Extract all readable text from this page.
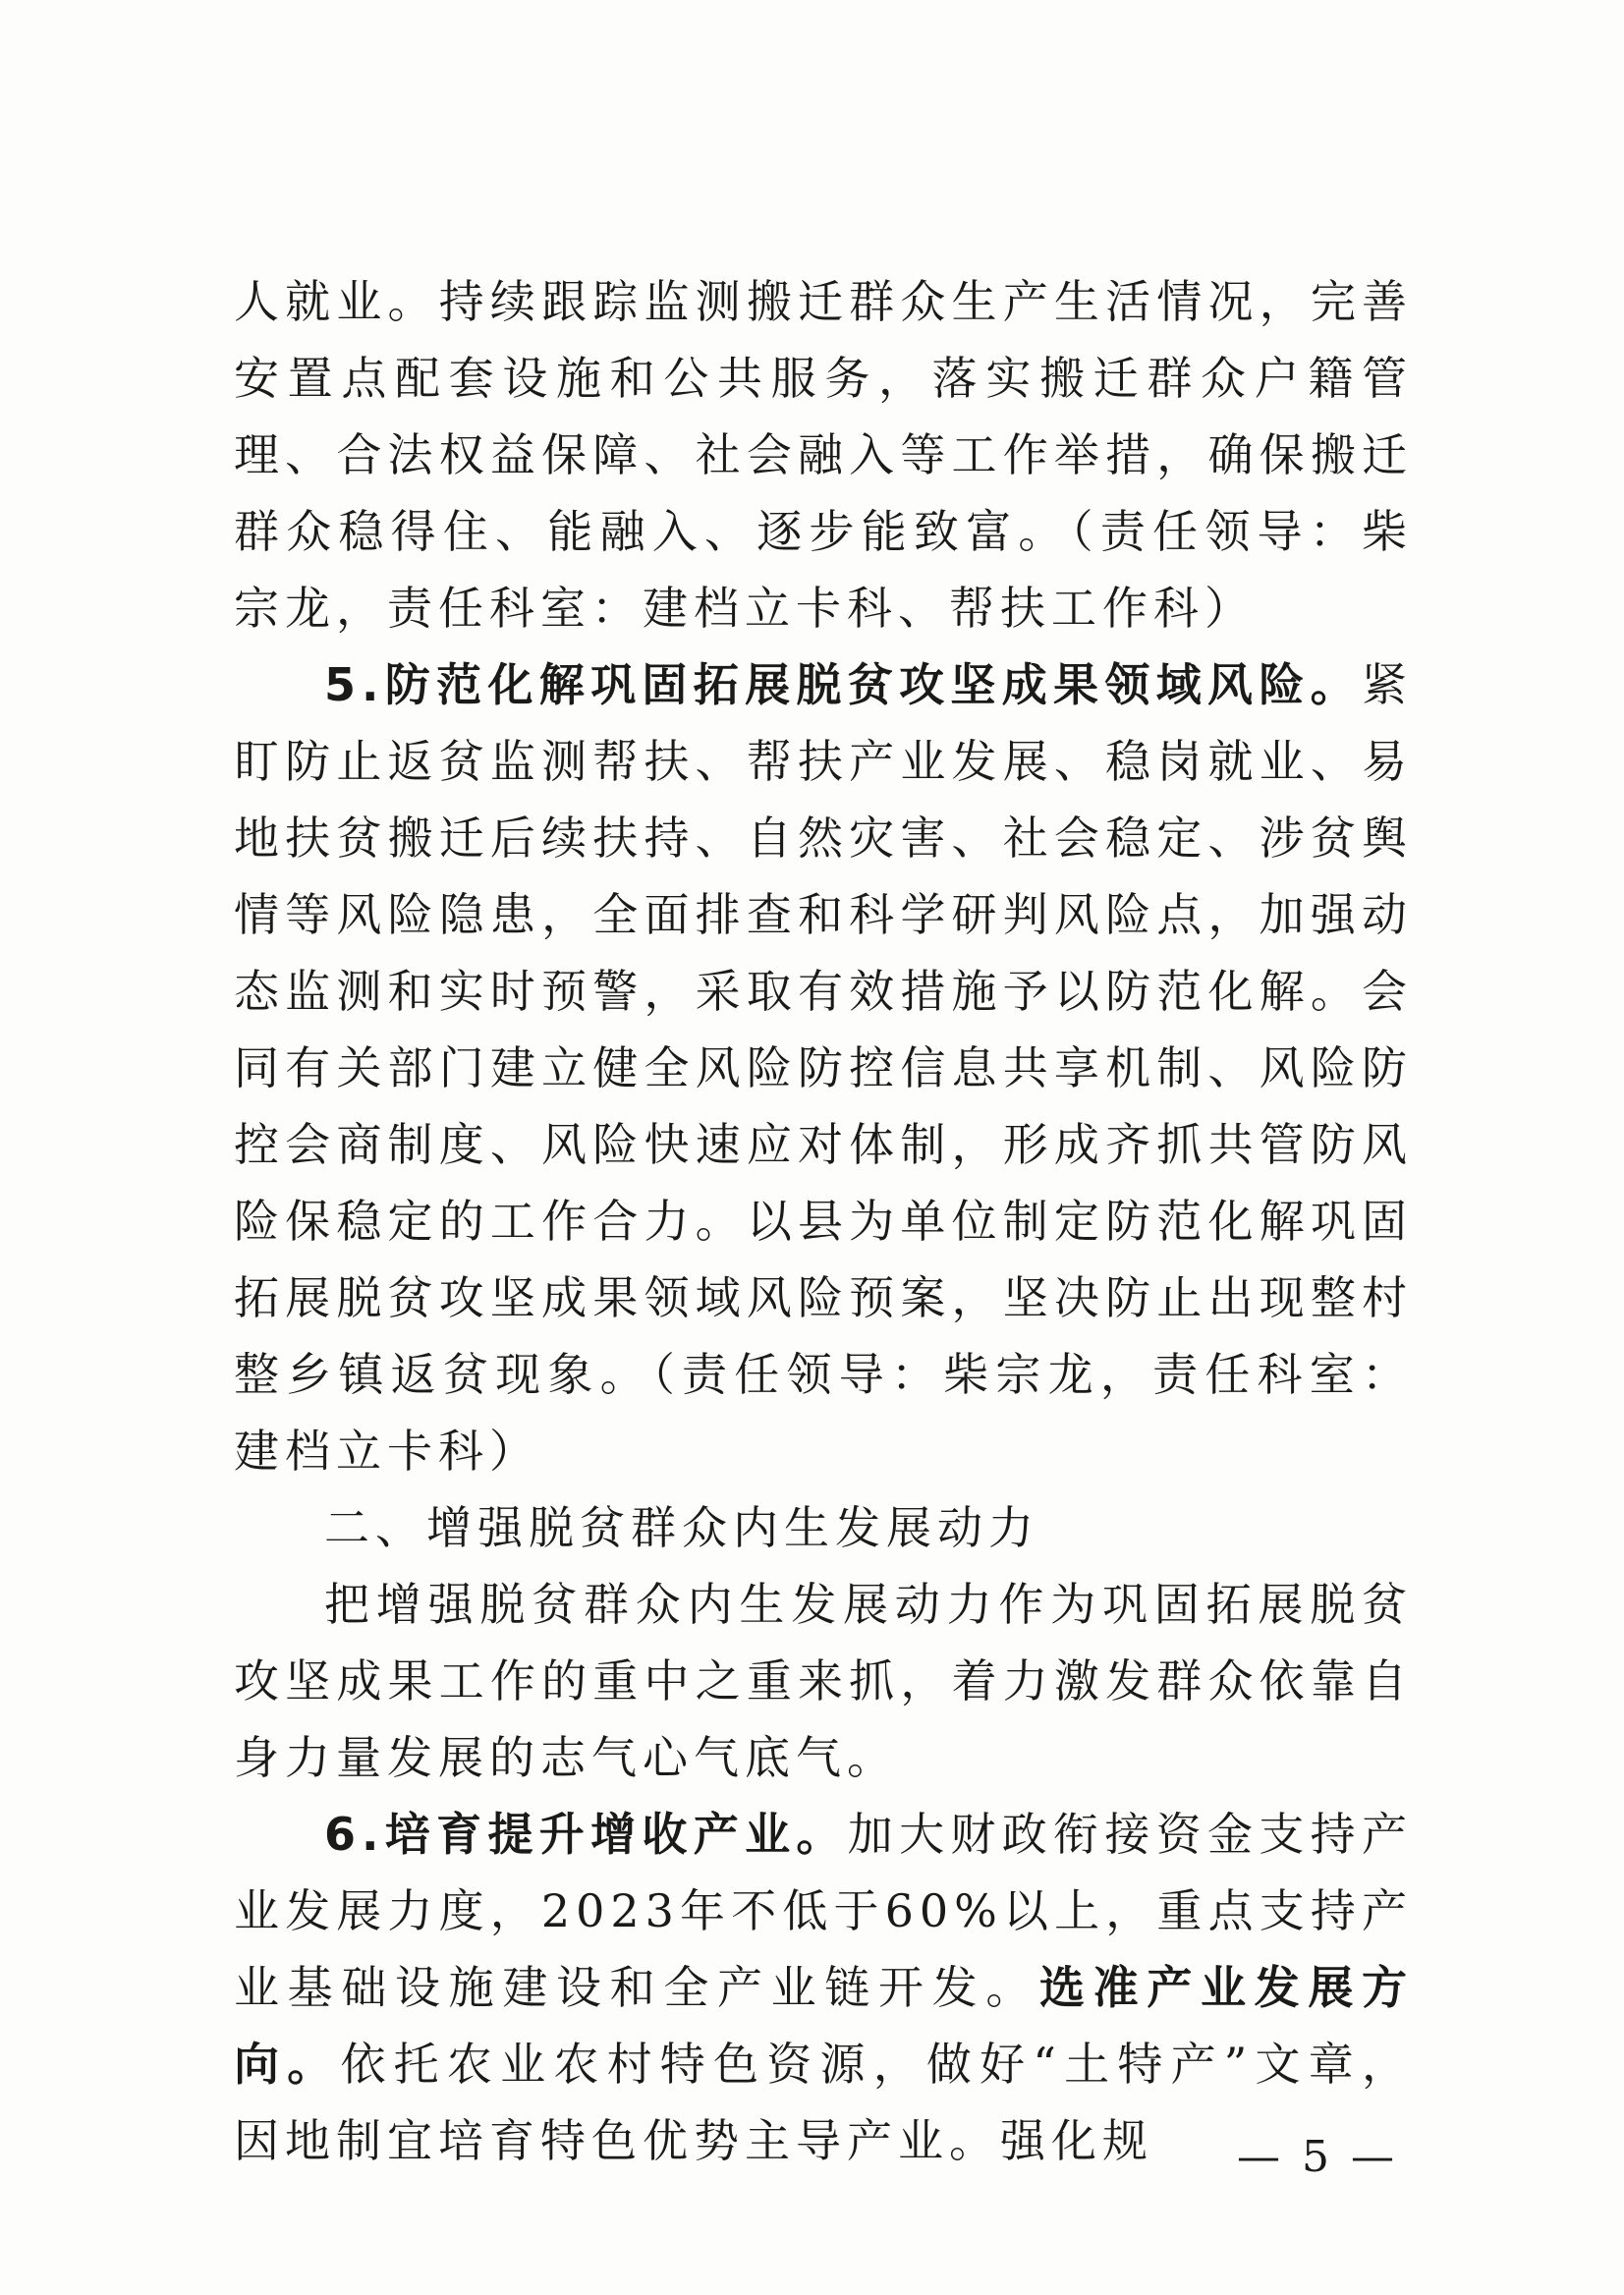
人就业。持续跟踪监测搬迁群众生产生活情况，完善安置点配套设施和公共服务，落实搬迁群众户籍管理、合法权益保障、社会融入等工作举措，确保搬迁群众稳得住、能融入、逐步能致富。（责任领导：柴宗龙，责任科室：建档立卡科、帮扶工作科）

5.防范化解巩固拓展脱贫攻坚成果领域风险。紧盯防止返贫监测帮扶、帮扶产业发展、稳岗就业、易地扶贫搬迁后续扶持、自然灾害、社会稳定、涉贫舆情等风险隐患，全面排查和科学研判风险点，加强动态监测和实时预警，采取有效措施予以防范化解。会同有关部门建立健全风险防控信息共享机制、风险防控会商制度、风险快速应对体制，形成齐抓共管防风险保稳定的工作合力。以县为单位制定防范化解巩固拓展脱贫攻坚成果领域风险预案，坚决防止出现整村整乡镇返贫现象。（责任领导：柴宗龙，责任科室：建档立卡科）

二、增强脱贫群众内生发展动力

把增强脱贫群众内生发展动力作为巩固拓展脱贫攻坚成果工作的重中之重来抓，着力激发群众依靠自身力量发展的志气心气底气。

6.培育提升增收产业。加大财政衔接资金支持产业发展力度，2023年不低于60%以上，重点支持产业基础设施建设和全产业链开发。选准产业发展方向。依托农业农村特色资源，做好“土特产”文章，因地制宜培育特色优势主导产业。强化规	— 5 —
